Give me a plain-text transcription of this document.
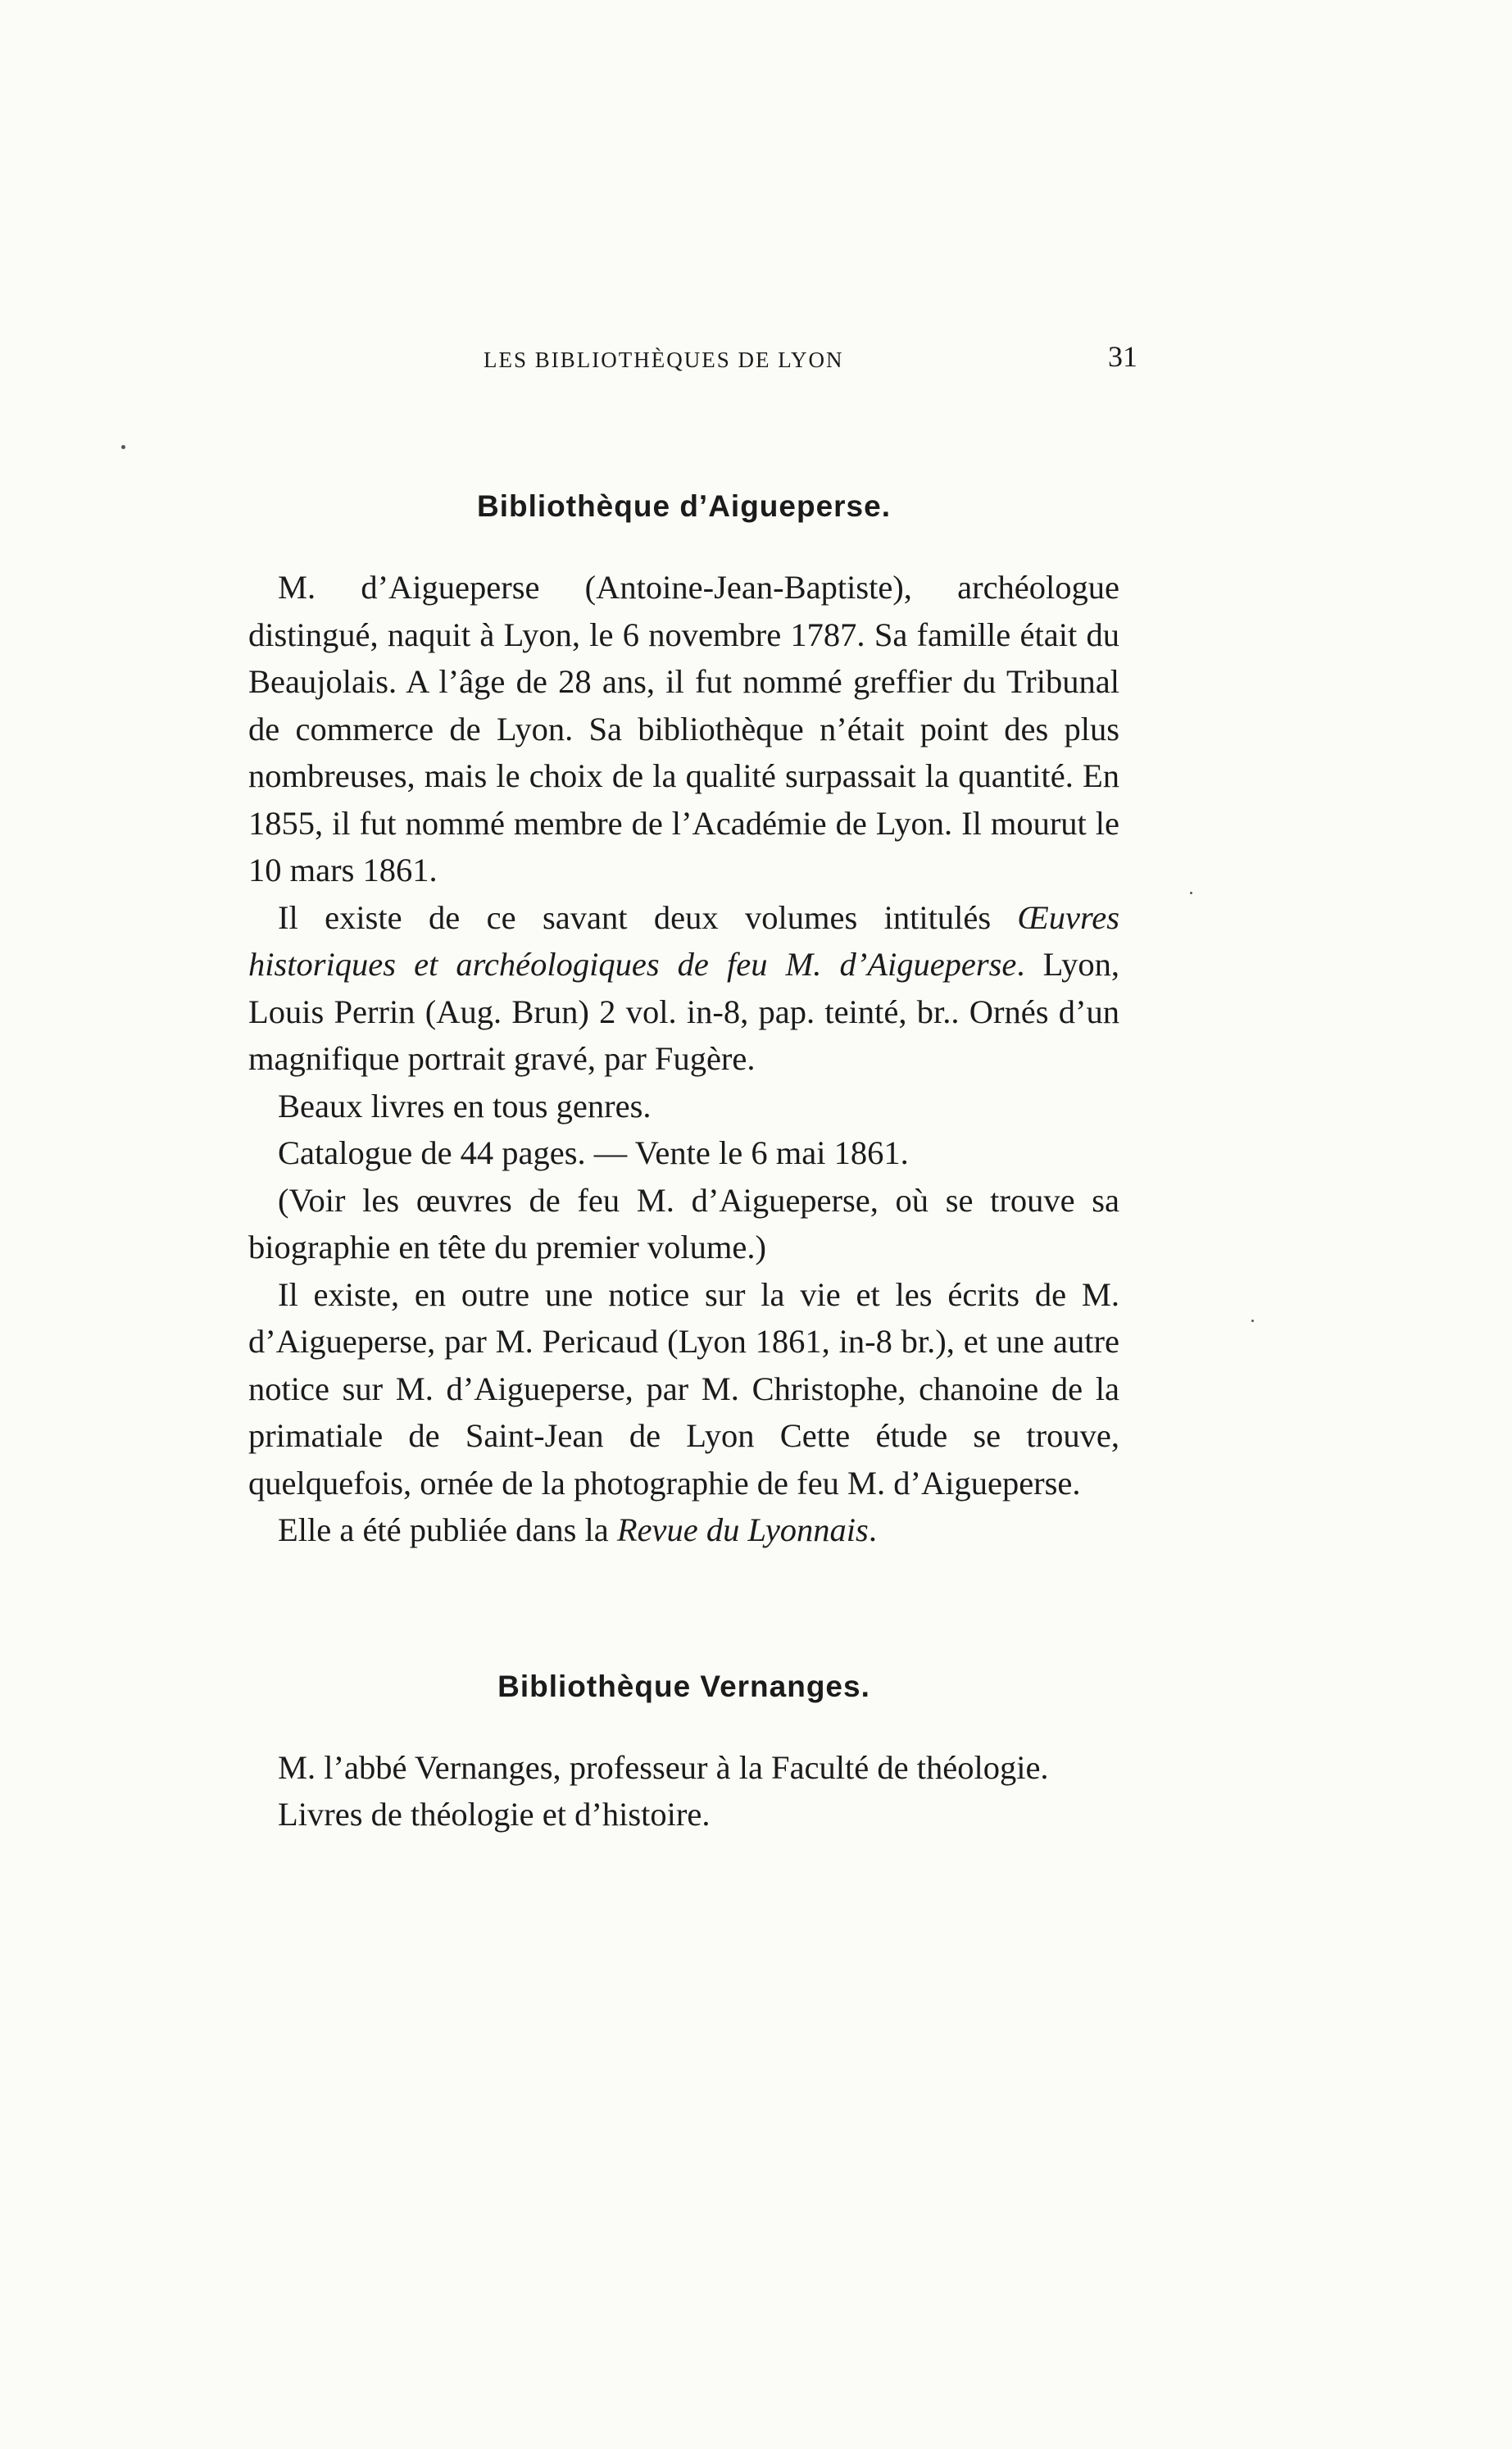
LES BIBLIOTHÈQUES DE LYON	31
Bibliothèque d’Aigueperse.

M. d’Aigueperse (Antoine-Jean-Baptiste), archéologue distingué, naquit à Lyon, le 6 novembre 1787. Sa famille était du Beaujolais. A l’âge de 28 ans, il fut nommé greffier du Tribunal de commerce de Lyon. Sa bibliothèque n’était point des plus nombreuses, mais le choix de la qualité surpassait la quantité. En 1855, il fut nommé membre de l’Académie de Lyon. Il mourut le 10 mars 1861.

Il existe de ce savant deux volumes intitulés Œuvres historiques et archéologiques de feu M. d’Aigueperse. Lyon, Louis Perrin (Aug. Brun) 2 vol. in-8, pap. teinté, br.. Ornés d’un magnifique portrait gravé, par Fugère.

Beaux livres en tous genres.

Catalogue de 44 pages. — Vente le 6 mai 1861.

(Voir les œuvres de feu M. d’Aigueperse, où se trouve sa biographie en tête du premier volume.)

Il existe, en outre une notice sur la vie et les écrits de M. d’Aigueperse, par M. Pericaud (Lyon 1861, in-8 br.), et une autre notice sur M. d’Aigueperse, par M. Christophe, chanoine de la primatiale de Saint-Jean de Lyon Cette étude se trouve, quelquefois, ornée de la photographie de feu M. d’Aigueperse.

Elle a été publiée dans la Revue du Lyonnais.

Bibliothèque Vernanges.

M. l’abbé Vernanges, professeur à la Faculté de théologie.

Livres de théologie et d’histoire.
